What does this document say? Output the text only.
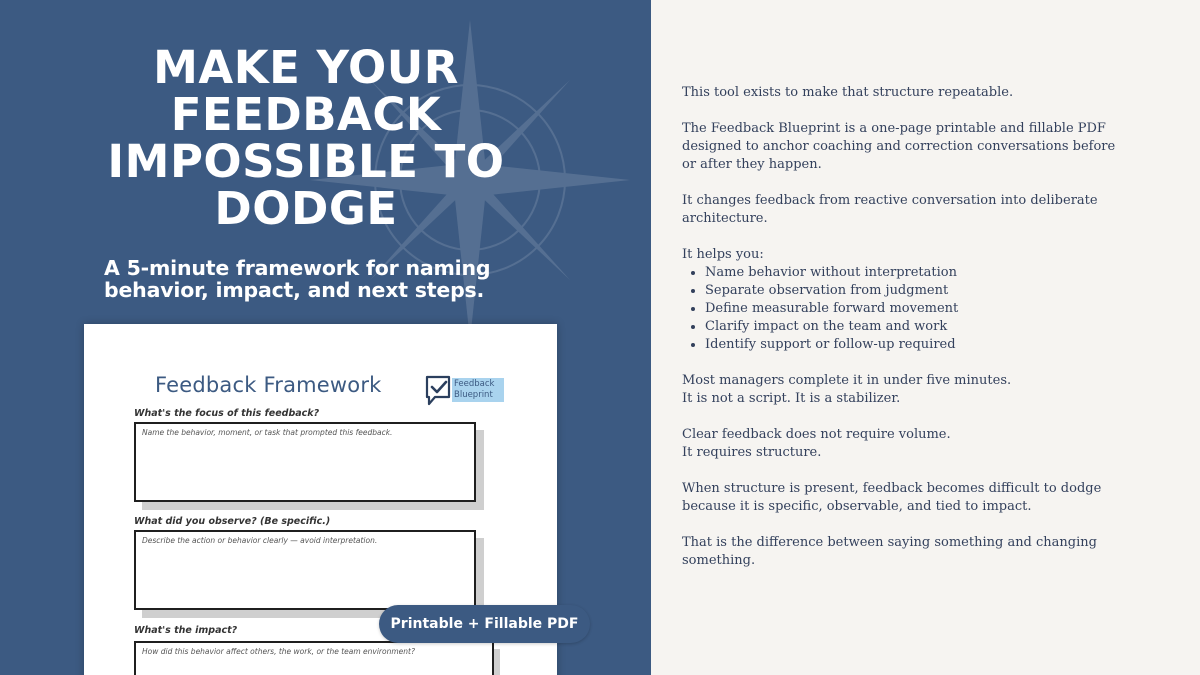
MAKE YOUR FEEDBACK IMPOSSIBLE TO DODGE

A 5-minute framework for naming behavior, impact, and next steps.

Feedback Framework	Feedback Blueprint

What's the focus of this feedback?

Name the behavior, moment, or task that prompted this feedback.

What did you observe? (Be specific.)

Describe the action or behavior clearly — avoid interpretation.

What's the impact?

How did this behavior affect others, the work, or the team environment?

Printable + Fillable PDF

This tool exists to make that structure repeatable.

The Feedback Blueprint is a one-page printable and fillable PDF designed to anchor coaching and correction conversations before or after they happen.

It changes feedback from reactive conversation into deliberate architecture.

It helps you:

• Name behavior without interpretation
• Separate observation from judgment
• Define measurable forward movement
• Clarify impact on the team and work
• Identify support or follow-up required

Most managers complete it in under five minutes.
It is not a script. It is a stabilizer.

Clear feedback does not require volume.
It requires structure.

When structure is present, feedback becomes difficult to dodge because it is specific, observable, and tied to impact.

That is the difference between saying something and changing something.
